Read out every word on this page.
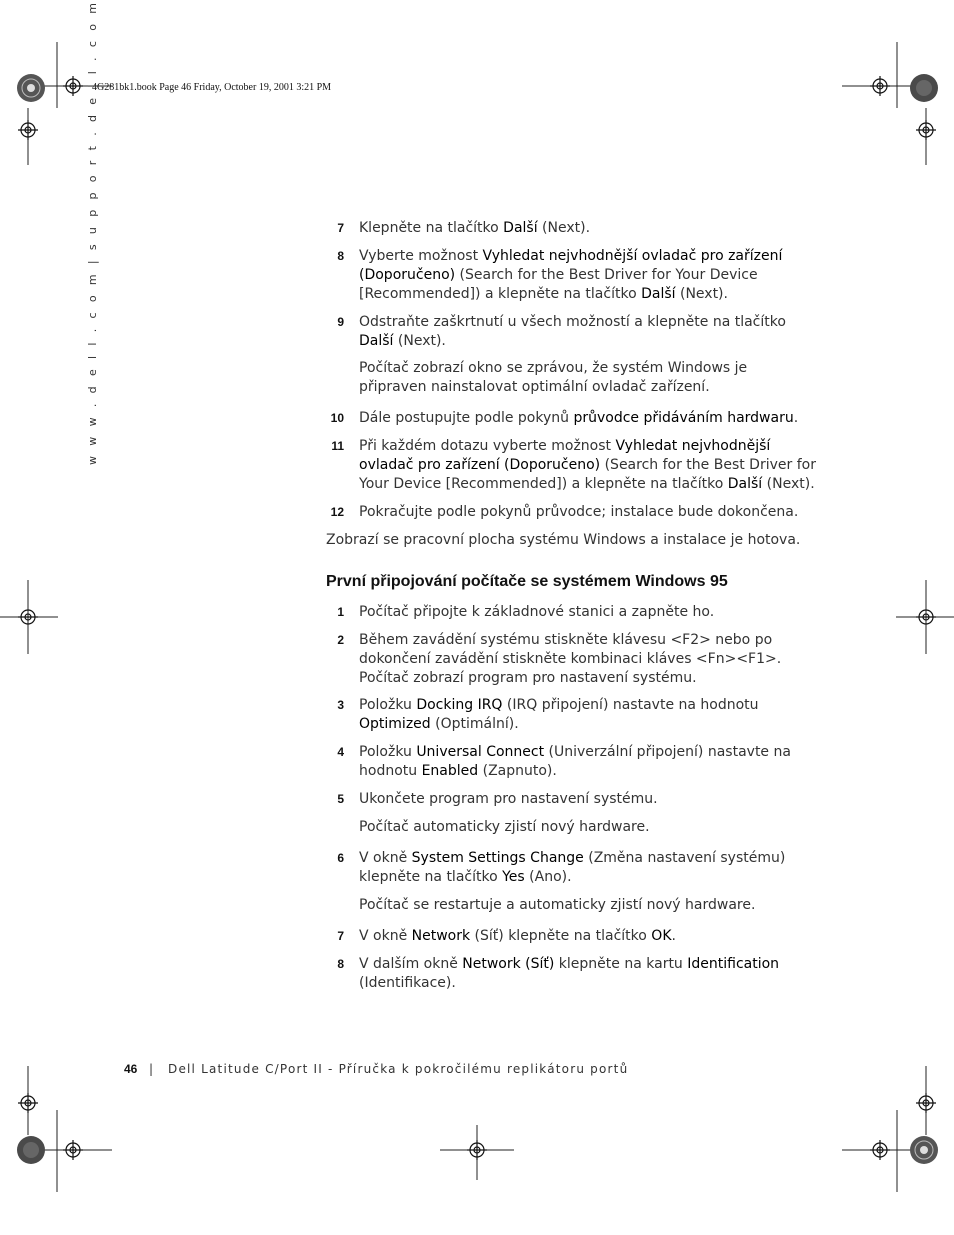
4G281bk1.book Page 46 Friday, October 19, 2001 3:21 PM
w w w . d e l l . c o m | s u p p o r t . d e l l . c o m	7 Klepněte na tlačítko Další (Next).
8 Vyberte možnost Vyhledat nejvhodnější ovladač pro zařízení (Doporučeno) (Search for the Best Driver for Your Device [Recommended]) a klepněte na tlačítko Další (Next).
9 Odstraňte zaškrtnutí u všech možností a klepněte na tlačítko Další (Next).
Počítač zobrazí okno se zprávou, že systém Windows je připraven nainstalovat optimální ovladač zařízení.
10 Dále postupujte podle pokynů průvodce přidáváním hardwaru.
11 Při každém dotazu vyberte možnost Vyhledat nejvhodnější ovladač pro zařízení (Doporučeno) (Search for the Best Driver for Your Device [Recommended]) a klepněte na tlačítko Další (Next).
12 Pokračujte podle pokynů průvodce; instalace bude dokončena.
Zobrazí se pracovní plocha systému Windows a instalace je hotova.
První připojování počítače se systémem Windows 95
1 Počítač připojte k základnové stanici a zapněte ho.
2 Během zavádění systému stiskněte klávesu <F2> nebo po dokončení zavádění stiskněte kombinaci kláves <Fn><F1>. Počítač zobrazí program pro nastavení systému.
3 Položku Docking IRQ (IRQ připojení) nastavte na hodnotu Optimized (Optimální).
4 Položku Universal Connect (Univerzální připojení) nastavte na hodnotu Enabled (Zapnuto).
5 Ukončete program pro nastavení systému.
Počítač automaticky zjistí nový hardware.
6 V okně System Settings Change (Změna nastavení systému) klepněte na tlačítko Yes (Ano).
Počítač se restartuje a automaticky zjistí nový hardware.
7 V okně Network (Síť) klepněte na tlačítko OK.
8 V dalším okně Network (Síť) klepněte na kartu Identification (Identifikace).
46 | Dell Latitude C/Port II - Příručka k pokročilému replikátoru portů
